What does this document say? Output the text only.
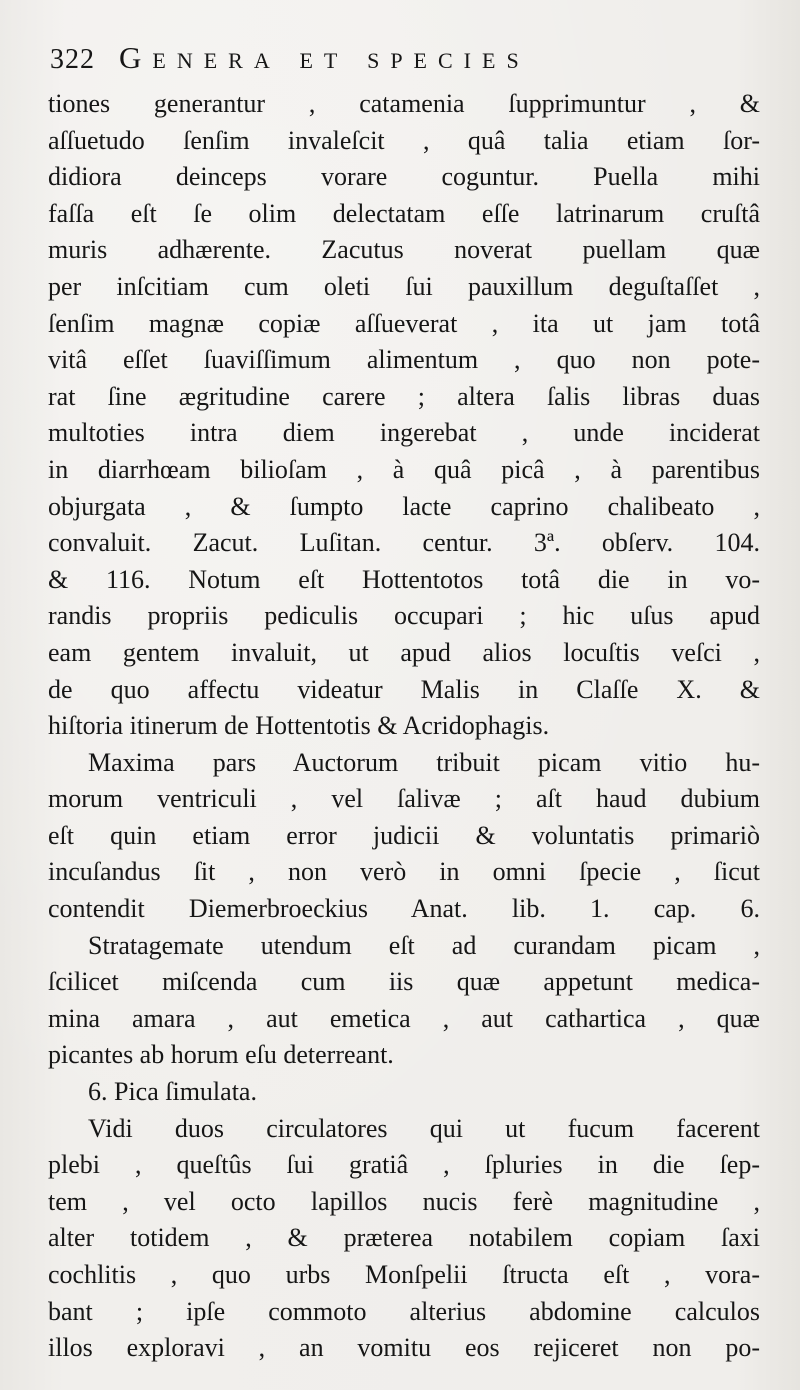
322 Genera et species
tiones generantur , catamenia ſupprimuntur , &
aſſuetudo ſenſim invaleſcit , quâ talia etiam ſor-
didiora deinceps vorare coguntur. Puella mihi
faſſa eſt ſe olim delectatam eſſe latrinarum cruſtâ
muris adhærente. Zacutus noverat puellam quæ
per inſcitiam cum oleti ſui pauxillum deguſtaſſet ,
ſenſim magnæ copiæ aſſueverat , ita ut jam totâ
vitâ eſſet ſuaviſſimum alimentum , quo non pote-
rat ſine ægritudine carere ; altera ſalis libras duas
multoties intra diem ingerebat , unde inciderat
in diarrhœam bilioſam , à quâ picâ , à parentibus
objurgata , & ſumpto lacte caprino chalibeato ,
convaluit. Zacut. Luſitan. centur. 3ª. obſerv. 104.
& 116. Notum eſt Hottentotos totâ die in vo-
randis propriis pediculis occupari ; hic uſus apud
eam gentem invaluit, ut apud alios locuſtis veſci ,
de quo affectu videatur Malis in Claſſe X. &
hiſtoria itinerum de Hottentotis & Acridophagis.
Maxima pars Auctorum tribuit picam vitio hu-
morum ventriculi , vel ſalivæ ; aſt haud dubium
eſt quin etiam error judicii & voluntatis primariò
incuſandus ſit , non verò in omni ſpecie , ſicut
contendit Diemerbroeckius Anat. lib. 1. cap. 6.
Stratagemate utendum eſt ad curandam picam ,
ſcilicet miſcenda cum iis quæ appetunt medica-
mina amara , aut emetica , aut cathartica , quæ
picantes ab horum eſu deterreant.
6. Pica ſimulata.
Vidi duos circulatores qui ut fucum facerent
plebi , queſtûs ſui gratiâ , ſpluries in die ſep-
tem , vel octo lapillos nucis ferè magnitudine ,
alter totidem , & præterea notabilem copiam ſaxi
cochlitis , quo urbs Monſpelii ſtructa eſt , vora-
bant ; ipſe commoto alterius abdomine calculos
illos exploravi , an vomitu eos rejiceret non po-
